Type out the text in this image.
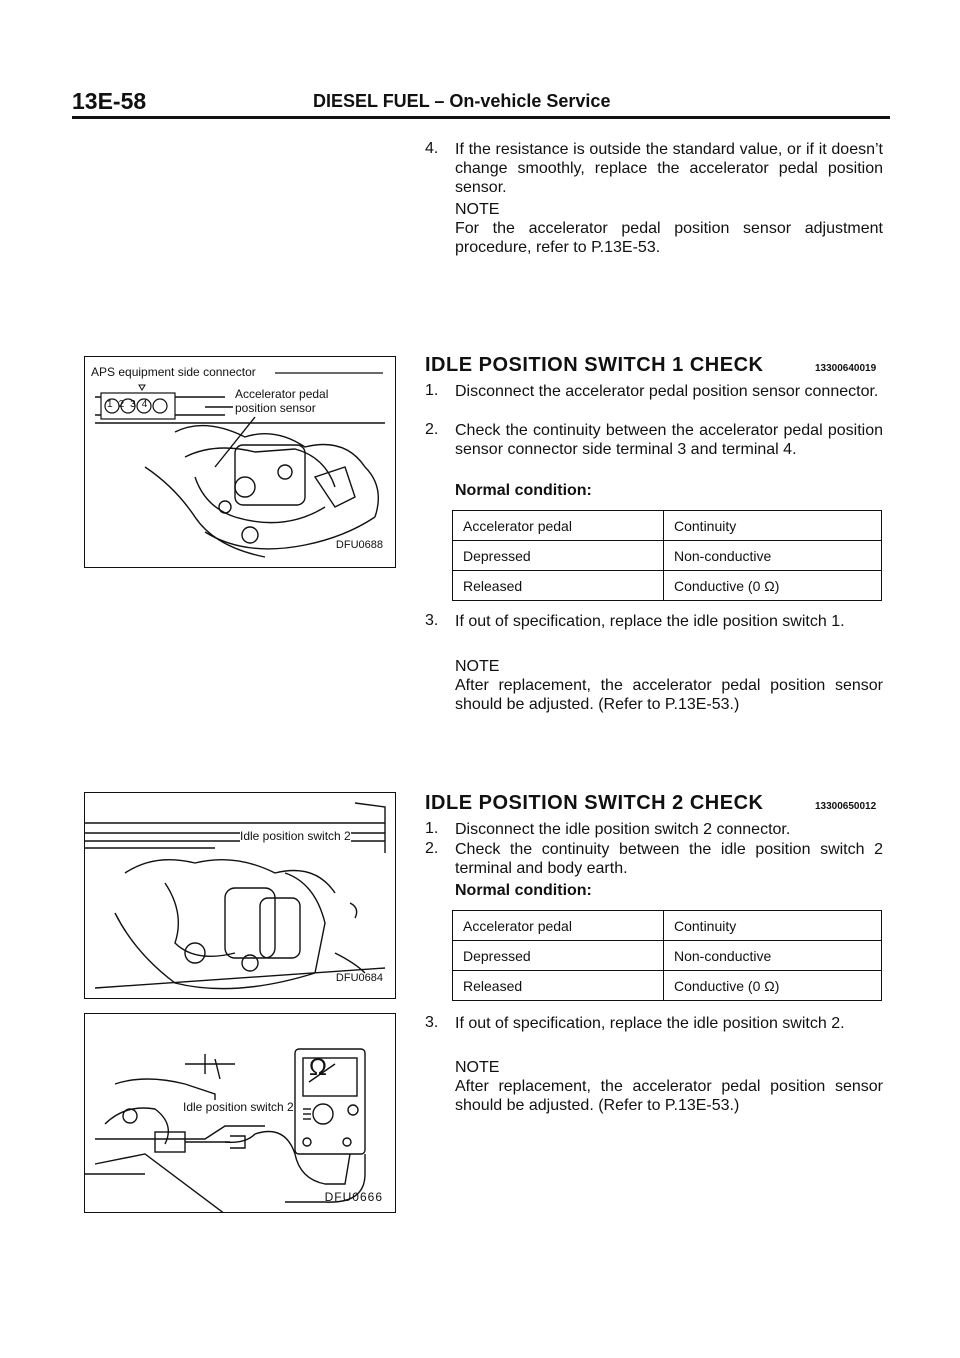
13E-58	DIESEL FUEL – On-vehicle Service
4. If the resistance is outside the standard value, or if it doesn’t change smoothly, replace the accelerator pedal position sensor.
NOTE
For the accelerator pedal position sensor adjustment procedure, refer to P.13E-53.
IDLE POSITION SWITCH 1 CHECK	13300640019
1. Disconnect the accelerator pedal position sensor connector.
2. Check the continuity between the accelerator pedal position sensor connector side terminal 3 and terminal 4.
Normal condition:
Accelerator pedal	Continuity
Depressed	Non-conductive
Released	Conductive (0 Ω)
3. If out of specification, replace the idle position switch 1.
NOTE
After replacement, the accelerator pedal position sensor should be adjusted. (Refer to P.13E-53.)
IDLE POSITION SWITCH 2 CHECK	13300650012
1. Disconnect the idle position switch 2 connector.
2. Check the continuity between the idle position switch 2 terminal and body earth.
Normal condition:
Accelerator pedal	Continuity
Depressed	Non-conductive
Released	Conductive (0 Ω)
3. If out of specification, replace the idle position switch 2.
NOTE
After replacement, the accelerator pedal position sensor should be adjusted. (Refer to P.13E-53.)
APS equipment side connector
1234
Accelerator pedal
position sensor
DFU0688
Idle position switch 2
DFU0684
Ω
Idle position switch 2
DFU0666
